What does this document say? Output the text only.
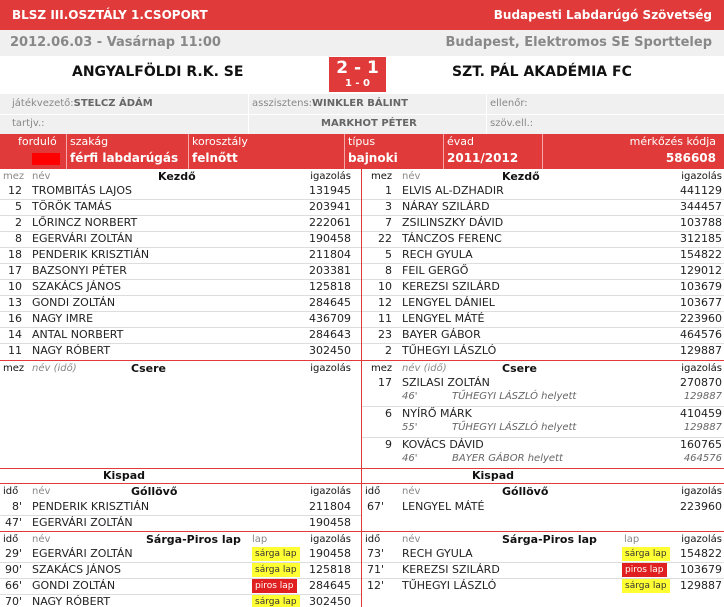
BLSZ III.OSZTÁLY 1.CSOPORT	Budapesti Labdarúgó Szövetség
2012.06.03 - Vasárnap 11:00	Budapest, Elektromos SE Sporttelep
ANGYALFÖLDI R.K. SE	2 - 1
1 - 0
SZT. PÁL AKADÉMIA FC
játékvezető:STELCZ ÁDÁM	asszisztens:WINKLER BÁLINT	ellenőr:
tartjv.:	MARKHOT PÉTER	szöv.ell.:
forduló szakág
férfi labdarúgás
korosztály
felnőtt
típus
bajnoki
évad
2011/2012
mérkőzés kódja
586608
mez név	Kezdő	igazolás
12 TROMBITÁS LAJOS	131945
5 TÖRÖK TAMÁS	203941
2 LŐRINCZ NORBERT	222061
8 EGERVÁRI ZOLTÁN	190458
18 PENDERIK KRISZTIÁN	211804
17 BAZSONYI PÉTER	203381
10 SZAKÁCS JÁNOS	125818
13 GONDI ZOLTÁN	284645
16 NAGY IMRE	436709
14 ANTAL NORBERT	284643
11 NAGY RÓBERT	302450
mez név (idő)	Csere	igazolás
Kispad
idő név	Góllövő	igazolás
8' PENDERIK KRISZTIÁN	211804
47' EGERVÁRI ZOLTÁN	190458
idő név	Sárga-Piros lap lap	igazolás
29' EGERVÁRI ZOLTÁN	sárga lap 190458
90' SZAKÁCS JÁNOS	sárga lap 125818
66' GONDI ZOLTÁN	piros lap 284645
70' NAGY RÓBERT	sárga lap 302450
mez név	Kezdő	igazolás
1 ELVIS AL-DZHADIR	441129
3 NÁRAY SZILÁRD	344457
7 ZSILINSZKY DÁVID	103788
22 TÁNCZOS FERENC	312185
5 RECH GYULA	154822
8 FEIL GERGŐ	129012
10 KEREZSI SZILÁRD	103679
12 LENGYEL DÁNIEL	103677
11 LENGYEL MÁTÉ	223960
23 BAYER GÁBOR	464576
2 TŰHEGYI LÁSZLÓ	129887
mez név (idő)	Csere	igazolás
17 SZILASI ZOLTÁN	270870
46'	TŰHEGYI LÁSZLÓ helyett	129887
6 NYÍRŐ MÁRK	410459
55'	TŰHEGYI LÁSZLÓ helyett	129887
9 KOVÁCS DÁVID	160765
46'	BAYER GÁBOR helyett	464576
Kispad
idő név	Góllövő	igazolás
67' LENGYEL MÁTÉ	223960
idő név	Sárga-Piros lap	lap	igazolás
73' RECH GYULA	sárga lap 154822
71' KEREZSI SZILÁRD	piros lap 103679
12' TŰHEGYI LÁSZLÓ	sárga lap 129887
